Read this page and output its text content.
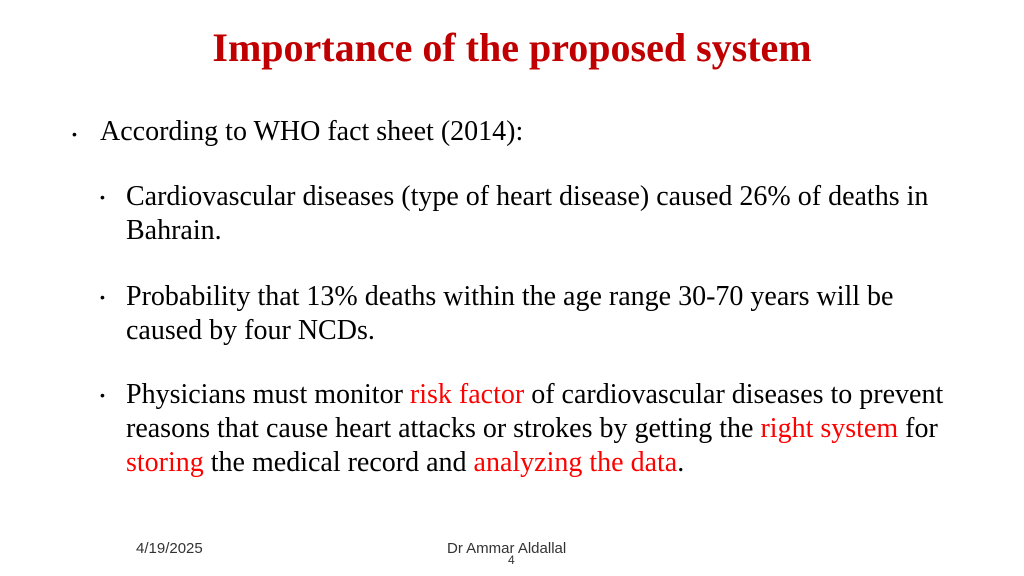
Importance of the proposed system
• According to WHO fact sheet (2014):
• Cardiovascular diseases (type of heart disease) caused 26% of deaths in Bahrain.
• Probability that 13% deaths within the age range 30-70 years will be caused by four NCDs.
• Physicians must monitor risk factor of cardiovascular diseases to prevent reasons that cause heart attacks or strokes by getting the right system for storing the medical record and analyzing the data.
4/19/2025	Dr Ammar Aldallal
4
